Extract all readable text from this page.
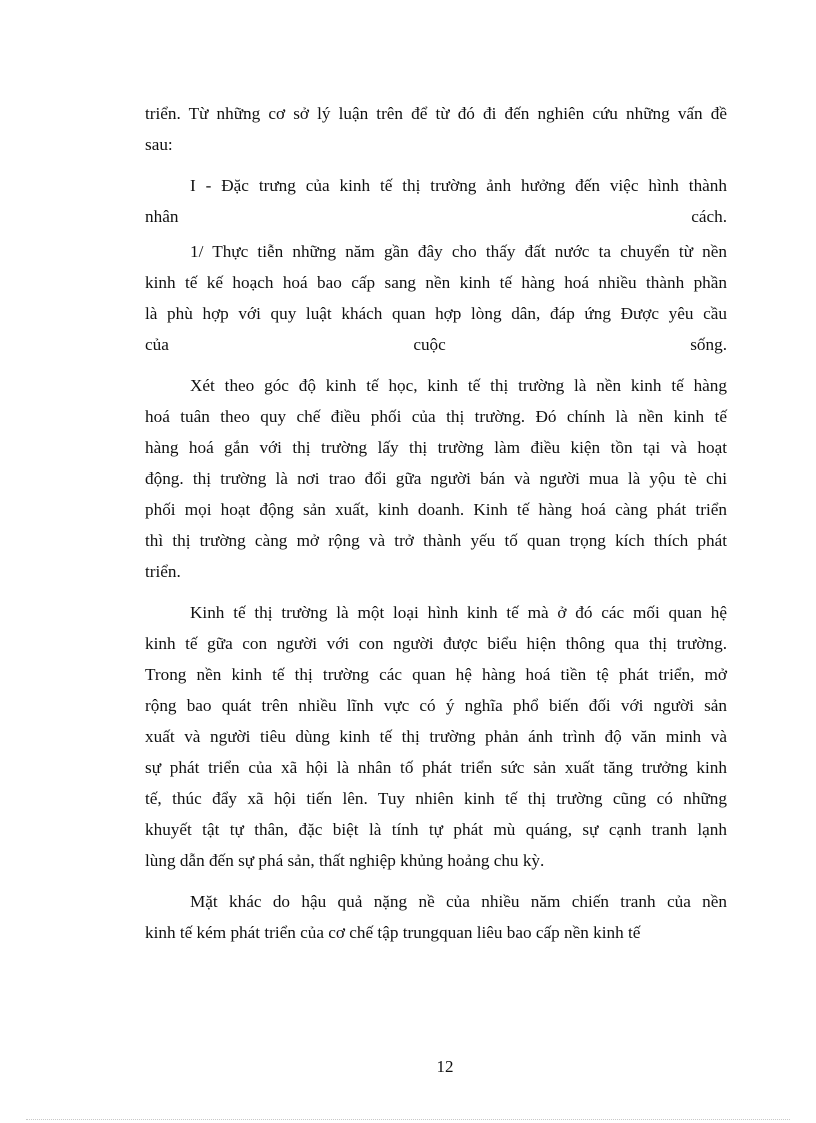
triển. Từ những cơ sở lý luận trên để từ đó đi đến nghiên cứu những vấn đề
sau:
I - Đặc trưng của kinh tế thị trường ảnh hưởng đến việc hình thành
nhân	cách.
1/ Thực tiễn những năm gần đây cho thấy đất nước ta chuyển từ nền
kinh tế kế hoạch hoá bao cấp sang nền kinh tế hàng hoá nhiều thành phần
là phù hợp với quy luật khách quan hợp lòng dân, đáp ứng Được yêu cầu
của	cuộc	sống.
Xét theo góc độ kinh tế học, kinh tế thị trường là nền kinh tế hàng
hoá tuân theo quy chế điều phối của thị trường. Đó chính là nền kinh tế
hàng hoá gắn với thị trường lấy thị trường làm điều kiện tồn tại và hoạt
động. thị trường là nơi trao đổi gữa người bán và người mua là yộu tè chi
phối mọi hoạt động sản xuất, kinh doanh. Kinh tế hàng hoá càng phát triển
thì thị trường càng mở rộng và trở thành yếu tố quan trọng kích thích phát
triển.
Kinh tế thị trường là một loại hình kinh tế mà ở đó các mối quan hệ
kinh tế gữa con người với con người được biểu hiện thông qua thị trường.
Trong nền kinh tế thị trường các quan hệ hàng hoá tiền tệ phát triển, mở
rộng bao quát trên nhiều lĩnh vực có ý nghĩa phổ biến đối với người sản
xuất và người tiêu dùng kinh tế thị trường phản ánh trình độ văn minh và
sự phát triển của xã hội là nhân tố phát triển sức sản xuất tăng trưởng kinh
tế, thúc đẩy xã hội tiến lên. Tuy nhiên kinh tế thị trường cũng có những
khuyết tật tự thân, đặc biệt là tính tự phát mù quáng, sự cạnh tranh lạnh
lùng dẫn đến sự phá sản, thất nghiệp khủng hoảng chu kỳ.
Mặt khác do hậu quả nặng nề của nhiều năm chiến tranh của nền
kinh tế kém phát triển của cơ chế tập trungquan liêu bao cấp nền kinh tế
12
